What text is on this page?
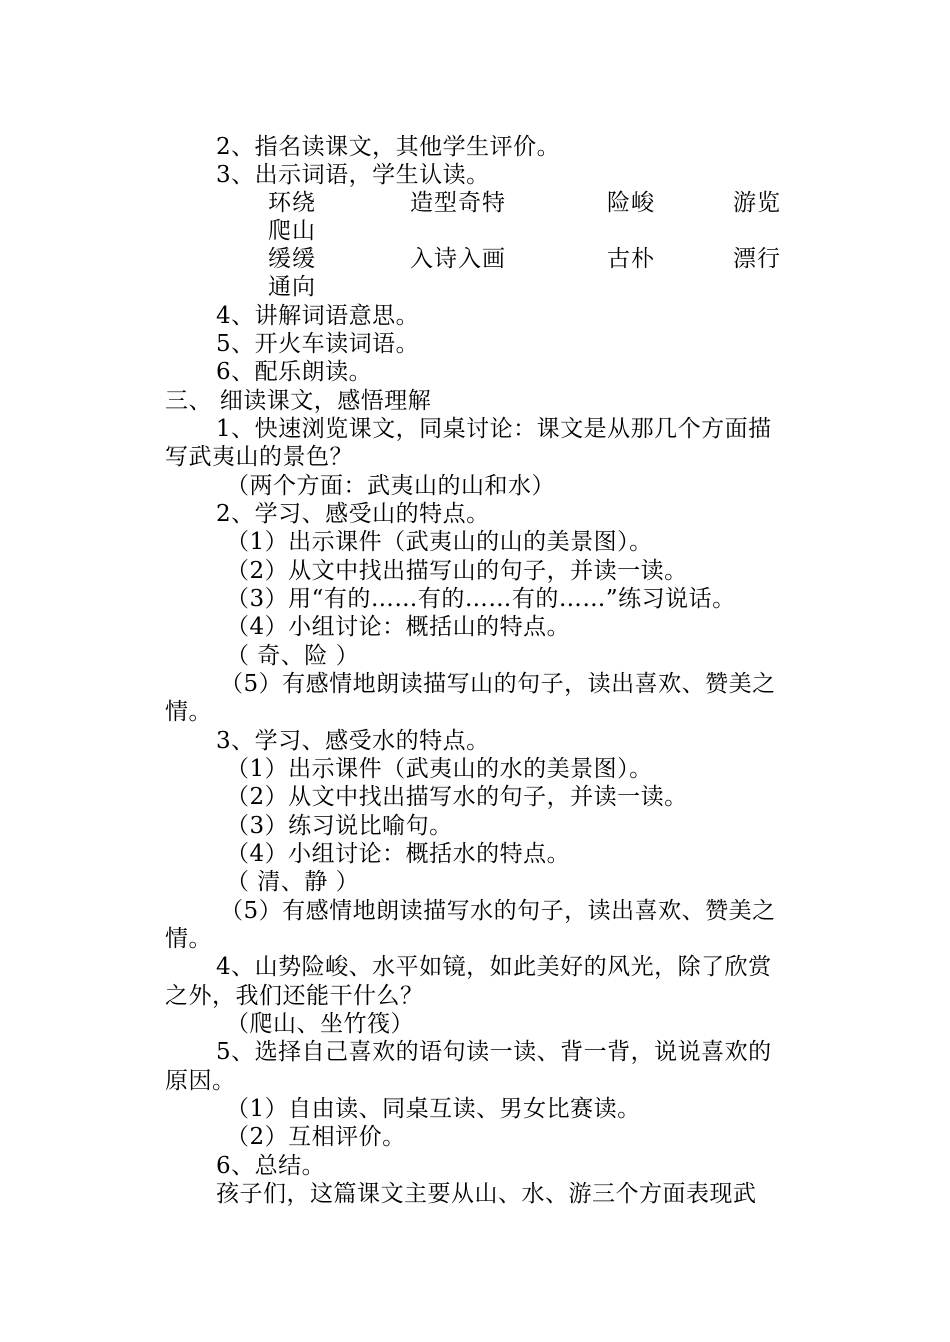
2、指名读课文，其他学生评价。
3、出示词语，学生认读。
环绕	造型奇特	险峻	游览
爬山
缓缓	入诗入画	古朴	漂行
通向
4、讲解词语意思。
5、开火车读词语。
6、配乐朗读。
三、 细读课文，感悟理解
1、快速浏览课文，同桌讨论：课文是从那几个方面描
写武夷山的景色？
（两个方面：武夷山的山和水）
2、学习、感受山的特点。
（1）出示课件（武夷山的山的美景图）。
（2）从文中找出描写山的句子，并读一读。
（3）用“有的……有的……有的……”练习说话。
（4）小组讨论：概括山的特点。
（ 奇、险 ）
（5）有感情地朗读描写山的句子，读出喜欢、赞美之
情。
3、学习、感受水的特点。
（1）出示课件（武夷山的水的美景图）。
（2）从文中找出描写水的句子，并读一读。
（3）练习说比喻句。
（4）小组讨论：概括水的特点。
（ 清、静 ）
（5）有感情地朗读描写水的句子，读出喜欢、赞美之
情。
4、山势险峻、水平如镜，如此美好的风光，除了欣赏
之外，我们还能干什么？
（爬山、坐竹筏）
5、选择自己喜欢的语句读一读、背一背，说说喜欢的
原因。
（1）自由读、同桌互读、男女比赛读。
（2）互相评价。
6、总结。
孩子们，这篇课文主要从山、水、游三个方面表现武
